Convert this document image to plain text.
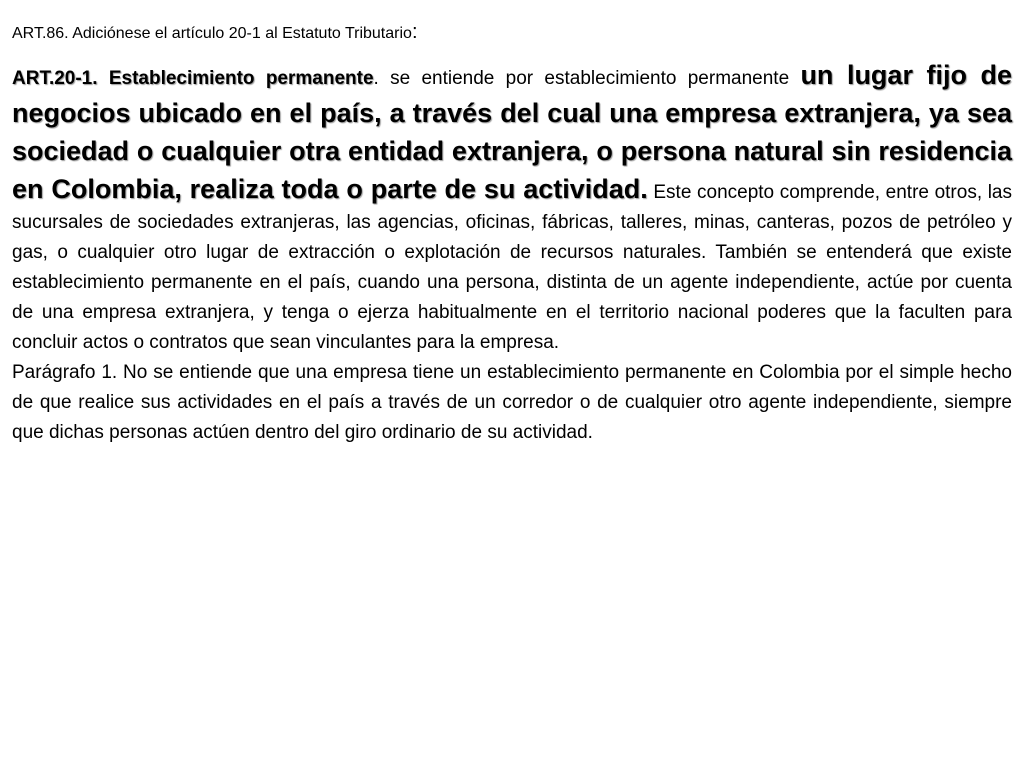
ART.86. Adiciónese el artículo 20-1 al Estatuto Tributario:

ART.20-1. Establecimiento permanente. se entiende por establecimiento permanente un lugar fijo de negocios ubicado en el país, a través del cual una empresa extranjera, ya sea sociedad o cualquier otra entidad extranjera, o persona natural sin residencia en Colombia, realiza toda o parte de su actividad. Este concepto comprende, entre otros, las sucursales de sociedades extranjeras, las agencias, oficinas, fábricas, talleres, minas, canteras, pozos de petróleo y gas, o cualquier otro lugar de extracción o explotación de recursos naturales. También se entenderá que existe establecimiento permanente en el país, cuando una persona, distinta de un agente independiente, actúe por cuenta de una empresa extranjera, y tenga o ejerza habitualmente en el territorio nacional poderes que la faculten para concluir actos o contratos que sean vinculantes para la empresa.

Parágrafo 1. No se entiende que una empresa tiene un establecimiento permanente en Colombia por el simple hecho de que realice sus actividades en el país a través de un corredor o de cualquier otro agente independiente, siempre que dichas personas actúen dentro del giro ordinario de su actividad.
